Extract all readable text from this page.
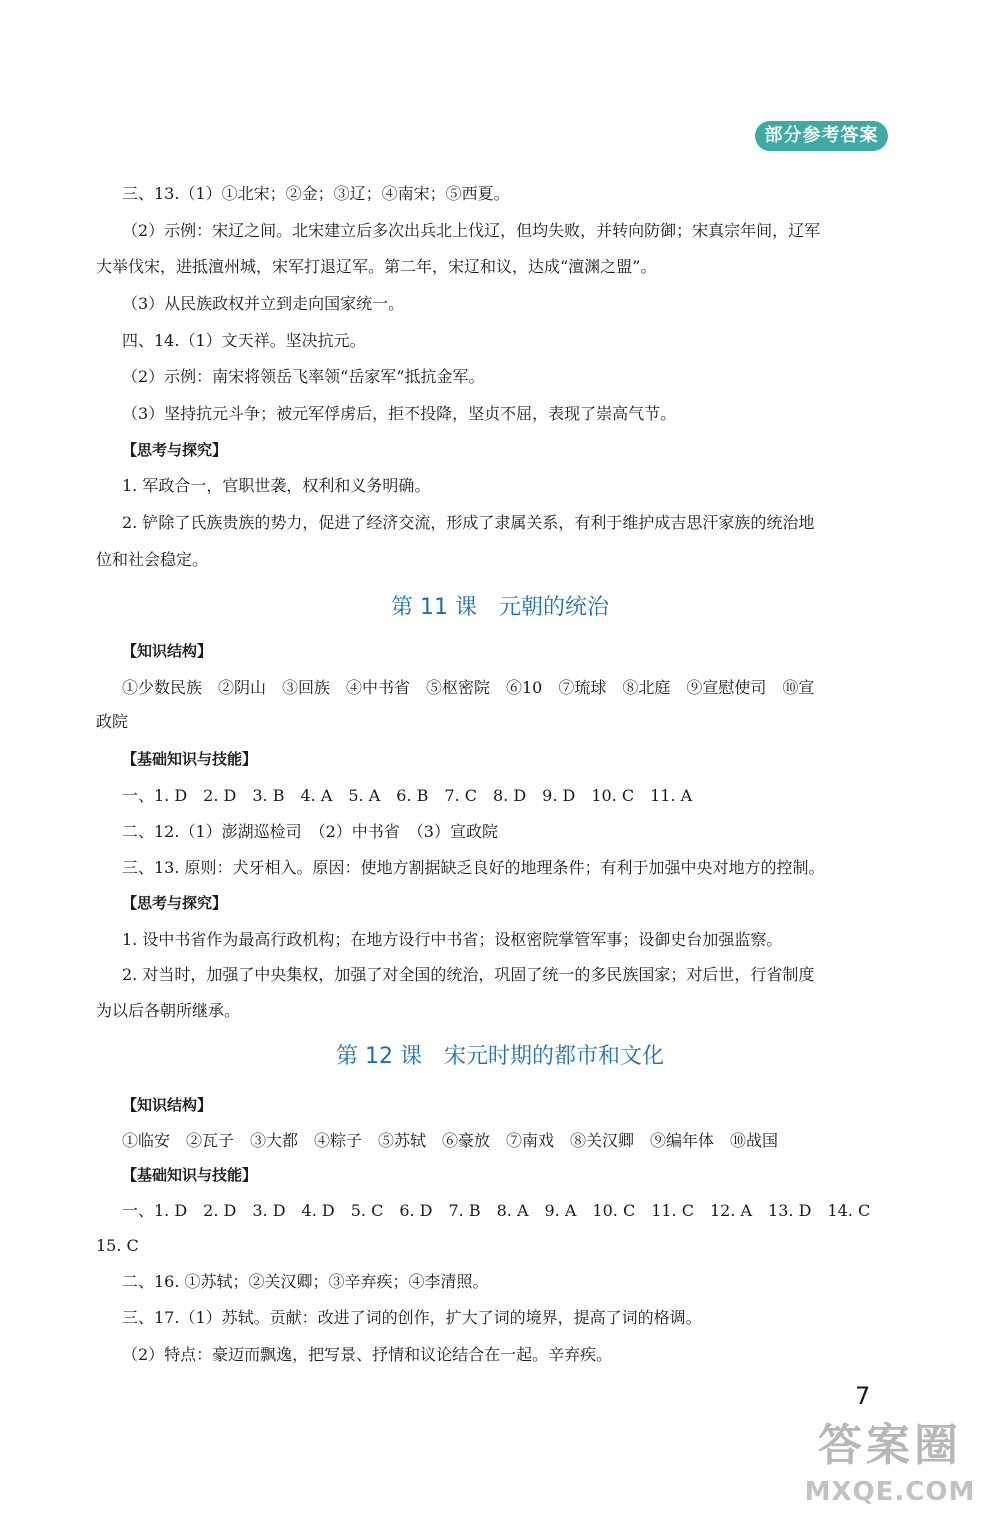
部分参考答案
三、13.（1）①北宋；②金；③辽；④南宋；⑤西夏。
（2）示例：宋辽之间。北宋建立后多次出兵北上伐辽，但均失败，并转向防御；宋真宗年间，辽军
大举伐宋，进抵澶州城，宋军打退辽军。第二年，宋辽和议，达成“澶渊之盟”。
（3）从民族政权并立到走向国家统一。
四、14.（1）文天祥。坚决抗元。
（2）示例：南宋将领岳飞率领“岳家军”抵抗金军。
（3）坚持抗元斗争；被元军俘虏后，拒不投降，坚贞不屈，表现了崇高气节。
【思考与探究】
1. 军政合一，官职世袭，权利和义务明确。
2. 铲除了氏族贵族的势力，促进了经济交流，形成了隶属关系，有利于维护成吉思汗家族的统治地
位和社会稳定。
第 11 课　元朝的统治
【知识结构】
①少数民族　②阴山　③回族　④中书省　⑤枢密院　⑥10　⑦琉球　⑧北庭　⑨宣慰使司　⑩宣
政院
【基础知识与技能】
一、1. D　2. D　3. B　4. A　5. A　6. B　7. C　8. D　9. D　10. C　11. A
二、12.（1）澎湖巡检司　（2）中书省　（3）宣政院
三、13. 原则：犬牙相入。原因：使地方割据缺乏良好的地理条件；有利于加强中央对地方的控制。
【思考与探究】
1. 设中书省作为最高行政机构；在地方设行中书省；设枢密院掌管军事；设御史台加强监察。
2. 对当时，加强了中央集权，加强了对全国的统治，巩固了统一的多民族国家；对后世，行省制度
为以后各朝所继承。
第 12 课　宋元时期的都市和文化
【知识结构】
①临安　②瓦子　③大都　④粽子　⑤苏轼　⑥豪放　⑦南戏　⑧关汉卿　⑨编年体　⑩战国
【基础知识与技能】
一、1. D　2. D　3. D　4. D　5. C　6. D　7. B　8. A　9. A　10. C　11. C　12. A　13. D　14. C
15. C
二、16. ①苏轼；②关汉卿；③辛弃疾；④李清照。
三、17.（1）苏轼。贡献：改进了词的创作，扩大了词的境界，提高了词的格调。
（2）特点：豪迈而飘逸，把写景、抒情和议论结合在一起。辛弃疾。
7
答案圈
MXQE.COM
